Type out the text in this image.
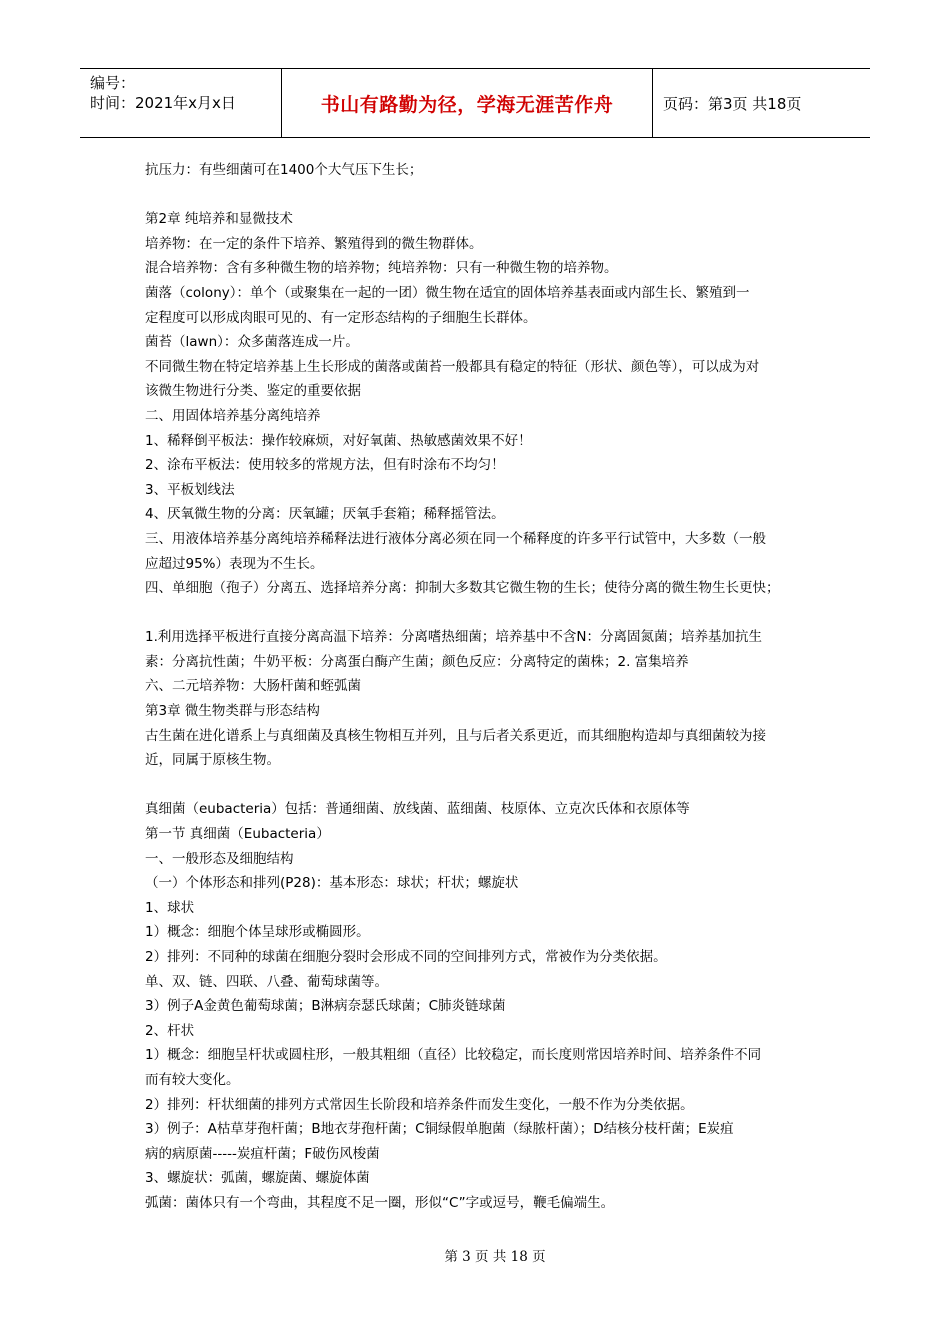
编号：
时间：2021年x月x日	书山有路勤为径，学海无涯苦作舟	页码：第3页 共18页
抗压力：有些细菌可在1400个大气压下生长；
第2章 纯培养和显微技术
培养物：在一定的条件下培养、繁殖得到的微生物群体。
混合培养物：含有多种微生物的培养物；纯培养物：只有一种微生物的培养物。
菌落（colony）：单个（或聚集在一起的一团）微生物在适宜的固体培养基表面或内部生长、繁殖到一
定程度可以形成肉眼可见的、有一定形态结构的子细胞生长群体。
菌苔（lawn）：众多菌落连成一片。
不同微生物在特定培养基上生长形成的菌落或菌苔一般都具有稳定的特征（形状、颜色等），可以成为对
该微生物进行分类、鉴定的重要依据
二、用固体培养基分离纯培养
1、稀释倒平板法：操作较麻烦，对好氧菌、热敏感菌效果不好！
2、涂布平板法：使用较多的常规方法，但有时涂布不均匀！
3、平板划线法
4、厌氧微生物的分离：厌氧罐；厌氧手套箱；稀释摇管法。
三、用液体培养基分离纯培养稀释法进行液体分离必须在同一个稀释度的许多平行试管中，大多数（一般
应超过95%）表现为不生长。
四、单细胞（孢子）分离五、选择培养分离：抑制大多数其它微生物的生长；使待分离的微生物生长更快；
1.利用选择平板进行直接分离高温下培养：分离嗜热细菌；培养基中不含N：分离固氮菌；培养基加抗生
素：分离抗性菌；牛奶平板：分离蛋白酶产生菌；颜色反应：分离特定的菌株；2. 富集培养
六、二元培养物：大肠杆菌和蛭弧菌
第3章 微生物类群与形态结构
古生菌在进化谱系上与真细菌及真核生物相互并列，且与后者关系更近，而其细胞构造却与真细菌较为接
近，同属于原核生物。
真细菌（eubacteria）包括：普通细菌、放线菌、蓝细菌、枝原体、立克次氏体和衣原体等
第一节 真细菌（Eubacteria）
一、一般形态及细胞结构
（一）个体形态和排列(P28)：基本形态：球状；杆状；螺旋状
1、球状
1）概念：细胞个体呈球形或椭圆形。
2）排列：不同种的球菌在细胞分裂时会形成不同的空间排列方式，常被作为分类依据。
单、双、链、四联、八叠、葡萄球菌等。
3）例子A金黄色葡萄球菌；B淋病奈瑟氏球菌；C肺炎链球菌
2、杆状
1）概念：细胞呈杆状或圆柱形，一般其粗细（直径）比较稳定，而长度则常因培养时间、培养条件不同
而有较大变化。
2）排列：杆状细菌的排列方式常因生长阶段和培养条件而发生变化，一般不作为分类依据。
3）例子：A枯草芽孢杆菌；B地衣芽孢杆菌；C铜绿假单胞菌（绿脓杆菌）；D结核分枝杆菌；E炭疽
病的病原菌-----炭疽杆菌；F破伤风梭菌
3、螺旋状：弧菌，螺旋菌、螺旋体菌
弧菌：菌体只有一个弯曲，其程度不足一圈，形似“C”字或逗号，鞭毛偏端生。
第 3 页 共 18 页
